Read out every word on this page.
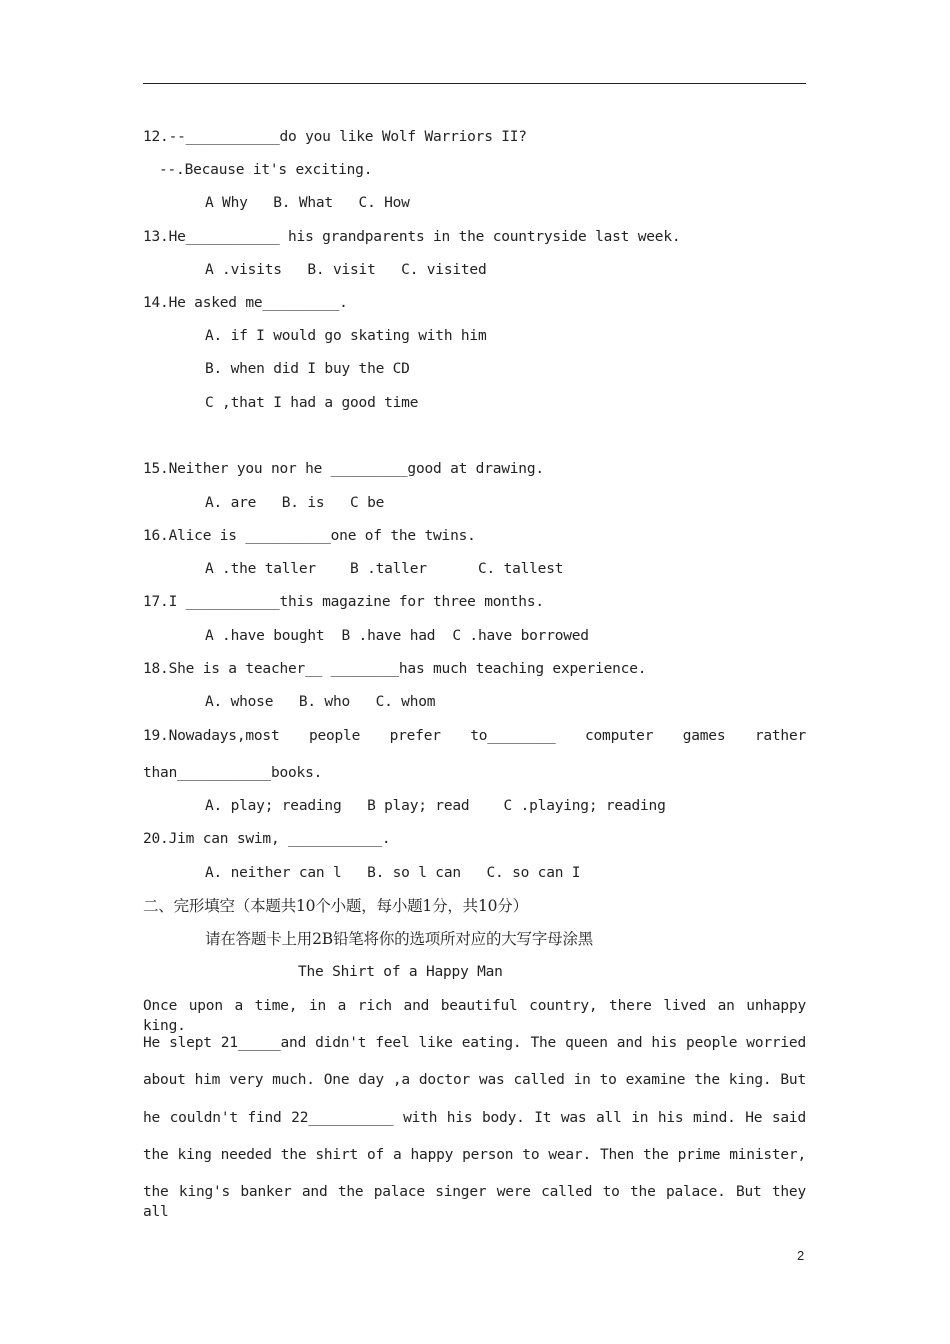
12.--___________do you like Wolf Warriors II?
--.Because it's exciting.
A Why   B. What   C. How
13.He___________ his grandparents in the countryside last week.
A .visits   B. visit   C. visited
14.He asked me_________.
A. if I would go skating with him
B. when did I buy the CD
C ,that I had a good time
15.Neither you nor he _________good at drawing.
A. are   B. is   C be
16.Alice is __________one of the twins.
A .the taller    B .taller      C. tallest
17.I ___________this magazine for three months.
A .have bought  B .have had  C .have borrowed
18.She is a teacher__ ________has much teaching experience.
A. whose   B. who   C. whom
19.Nowadays,most people prefer to________ computer games rather
than___________books.
A. play; reading   B play; read    C .playing; reading
20.Jim can swim, ___________.
A. neither can l   B. so l can   C. so can I
二、完形填空（本题共10个小题，每小题1分，共10分）
请在答题卡上用2B铅笔将你的选项所对应的大写字母涂黑
The Shirt of a Happy Man
Once upon a time, in a rich and beautiful country, there lived an unhappy king.
He slept 21_____and didn't feel like eating. The queen and his people worried
about him very much. One day ,a doctor was called in to examine the king. But
he couldn't find 22__________ with his body. It was all in his mind. He said
the king needed the shirt of a happy person to wear. Then the prime minister,
the king's banker and the palace singer were called to the palace. But they all
2
